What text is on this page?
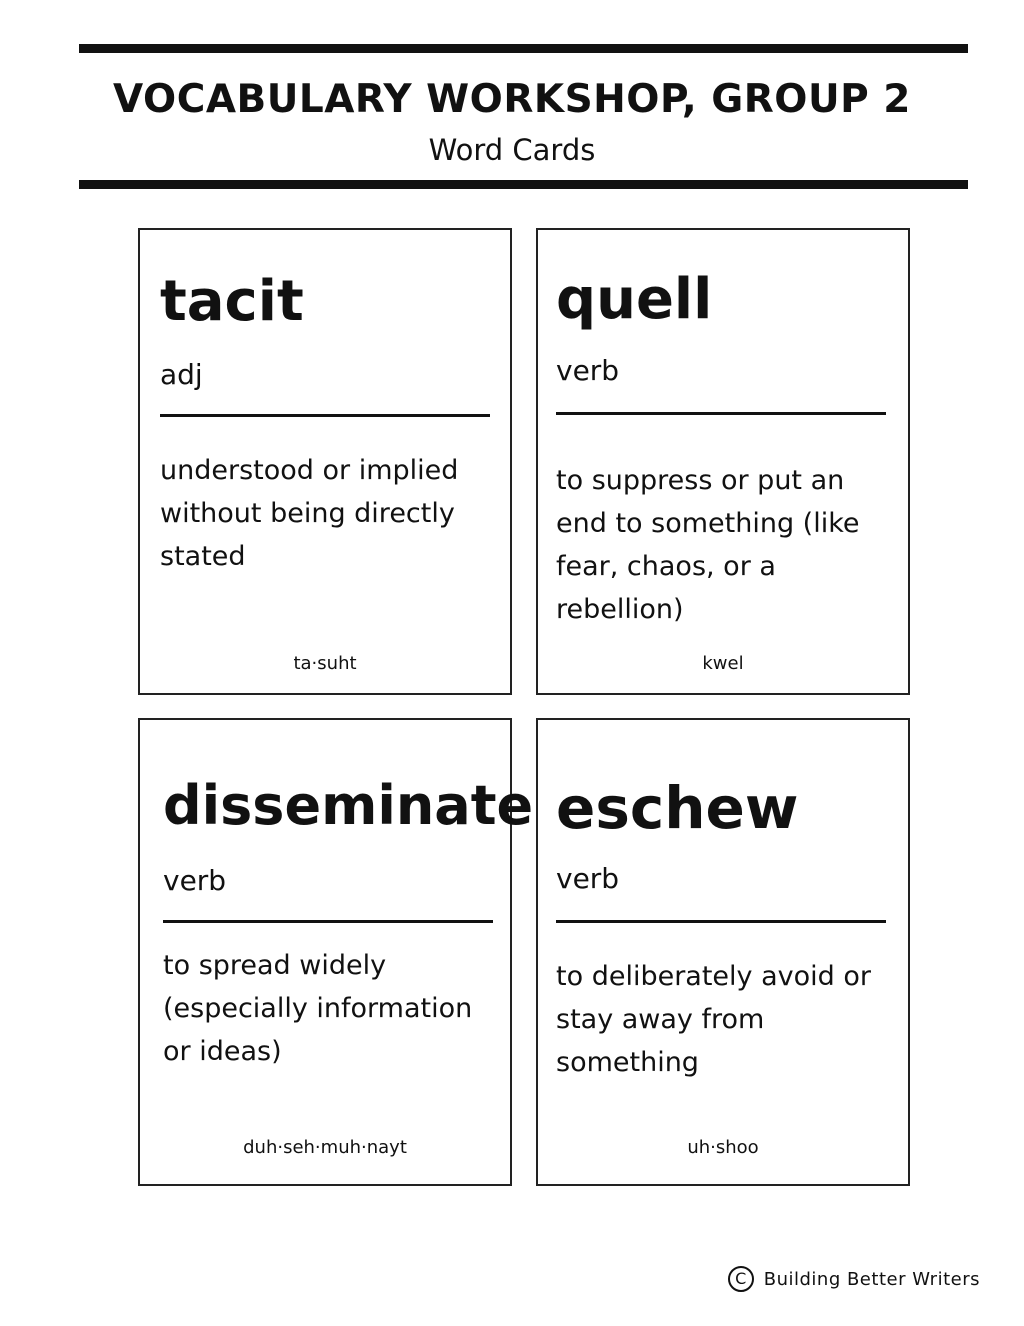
VOCABULARY WORKSHOP, GROUP 2
Word Cards
tacit
adj

understood or implied without being directly stated

ta·suht
quell
verb

to suppress or put an end to something (like fear, chaos, or a rebellion)

kwel
disseminate
verb

to spread widely (especially information or ideas)

duh·seh·muh·nayt
eschew
verb

to deliberately avoid or stay away from something

uh·shoo
C Building Better Writers
